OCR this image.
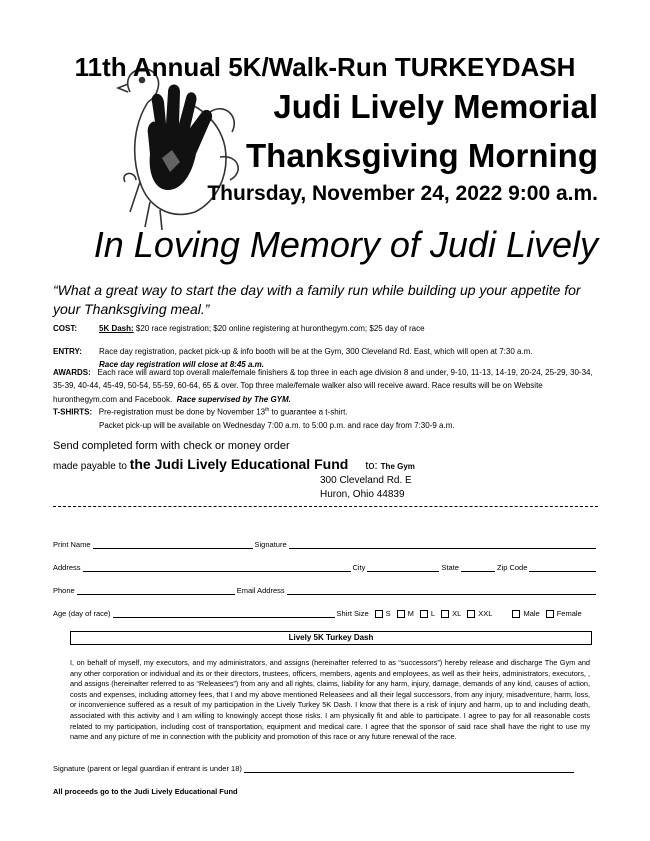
11th Annual 5K/Walk-Run TURKEYDASH
Judi Lively Memorial
Thanksgiving Morning
Thursday, November 24, 2022 9:00 a.m.
In Loving Memory of Judi Lively
“What a great way to start the day with a family run while building up your appetite for your Thanksgiving meal.”
COST:	5K Dash: $20 race registration; $20 online registering at huronthegym.com; $25 day of race
ENTRY: Race day registration, packet pick-up & info booth will be at the Gym, 300 Cleveland Rd. East, which will open at 7:30 a.m.
Race day registration will close at 8:45 a.m.
AWARDS: Each race will award top overall male/female finishers & top three in each age division 8 and under, 9-10, 11-13, 14-19, 20-24, 25-29, 30-34, 35-39, 40-44, 45-49, 50-54, 55-59, 60-64, 65 & over. Top three male/female walker also will receive award. Race results will be on Website huronthegym.com and Facebook. Race supervised by The GYM.
T-SHIRTS: Pre-registration must be done by November 13th to guarantee a t-shirt.
Packet pick-up will be available on Wednesday 7:00 a.m. to 5:00 p.m. and race day from 7:30-9 a.m.
Send completed form with check or money order
made payable to the Judi Lively Educational Fund to: The Gym
300 Cleveland Rd. E
Huron, Ohio 44839
Print Name	Signature
Address	City	State	Zip Code
Phone	Email Address
Age (day of race)	Shirt Size S M L XL XXL	Male Female
Lively 5K Turkey Dash
I, on behalf of myself, my executors, and my administrators, and assigns (hereinafter referred to as “successors”) hereby release and discharge The Gym and any other corporation or individual and its or their directors, trustees, officers, members, agents and employees, as well as their heirs, administrators, executors, , and assigns (hereinafter referred to as “Releasees”) from any and all rights, claims, liability for any harm, injury, damage, demands of any kind, causes of action, costs and expenses, including attorney fees, that I and my above mentioned Releasees and all their legal successors, from any injury, misadventure, harm, loss, or inconvenience suffered as a result of my participation in the Lively Turkey 5K Dash. I know that there is a risk of injury and harm, up to and including death, associated with this activity and I am willing to knowingly accept those risks. I am physically fit and able to participate. I agree to pay for all reasonable costs related to my participation, including cost of transportation, equipment and medical care. I agree that the sponsor of said race shall have the right to use my name and any picture of me in connection with the publicity and promotion of this race or any future renewal of the race.
Signature (parent or legal guardian if entrant is under 18)
All proceeds go to the Judi Lively Educational Fund
